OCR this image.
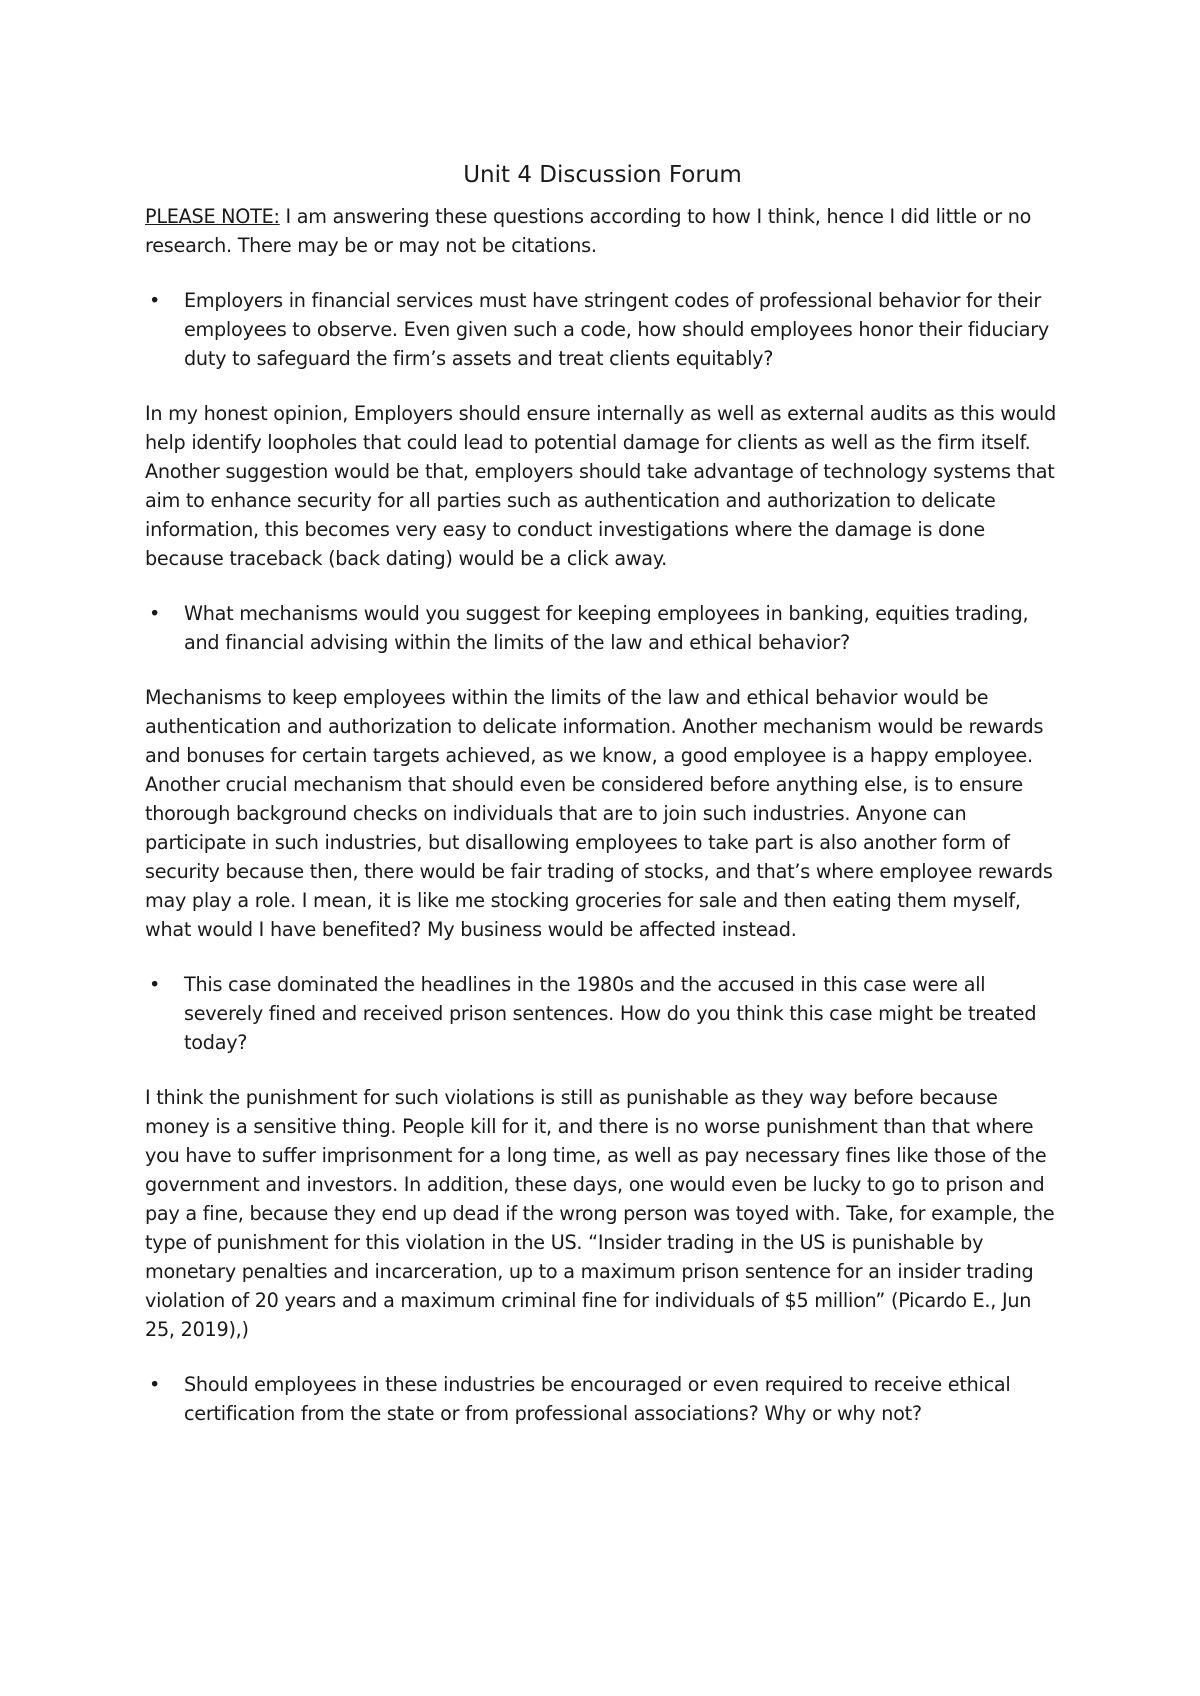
Unit 4 Discussion Forum

PLEASE NOTE: I am answering these questions according to how I think, hence I did little or no research. There may be or may not be citations.

• Employers in financial services must have stringent codes of professional behavior for their employees to observe. Even given such a code, how should employees honor their fiduciary duty to safeguard the firm’s assets and treat clients equitably?

In my honest opinion, Employers should ensure internally as well as external audits as this would help identify loopholes that could lead to potential damage for clients as well as the firm itself. Another suggestion would be that, employers should take advantage of technology systems that aim to enhance security for all parties such as authentication and authorization to delicate information, this becomes very easy to conduct investigations where the damage is done because traceback (back dating) would be a click away.

• What mechanisms would you suggest for keeping employees in banking, equities trading, and financial advising within the limits of the law and ethical behavior?

Mechanisms to keep employees within the limits of the law and ethical behavior would be authentication and authorization to delicate information. Another mechanism would be rewards and bonuses for certain targets achieved, as we know, a good employee is a happy employee. Another crucial mechanism that should even be considered before anything else, is to ensure thorough background checks on individuals that are to join such industries. Anyone can participate in such industries, but disallowing employees to take part is also another form of security because then, there would be fair trading of stocks, and that’s where employee rewards may play a role. I mean, it is like me stocking groceries for sale and then eating them myself, what would I have benefited? My business would be affected instead.

• This case dominated the headlines in the 1980s and the accused in this case were all severely fined and received prison sentences. How do you think this case might be treated today?

I think the punishment for such violations is still as punishable as they way before because money is a sensitive thing. People kill for it, and there is no worse punishment than that where you have to suffer imprisonment for a long time, as well as pay necessary fines like those of the government and investors. In addition, these days, one would even be lucky to go to prison and pay a fine, because they end up dead if the wrong person was toyed with. Take, for example, the type of punishment for this violation in the US. “Insider trading in the US is punishable by monetary penalties and incarceration, up to a maximum prison sentence for an insider trading violation of 20 years and a maximum criminal fine for individuals of $5 million” (Picardo E., Jun 25, 2019),)

• Should employees in these industries be encouraged or even required to receive ethical certification from the state or from professional associations? Why or why not?
